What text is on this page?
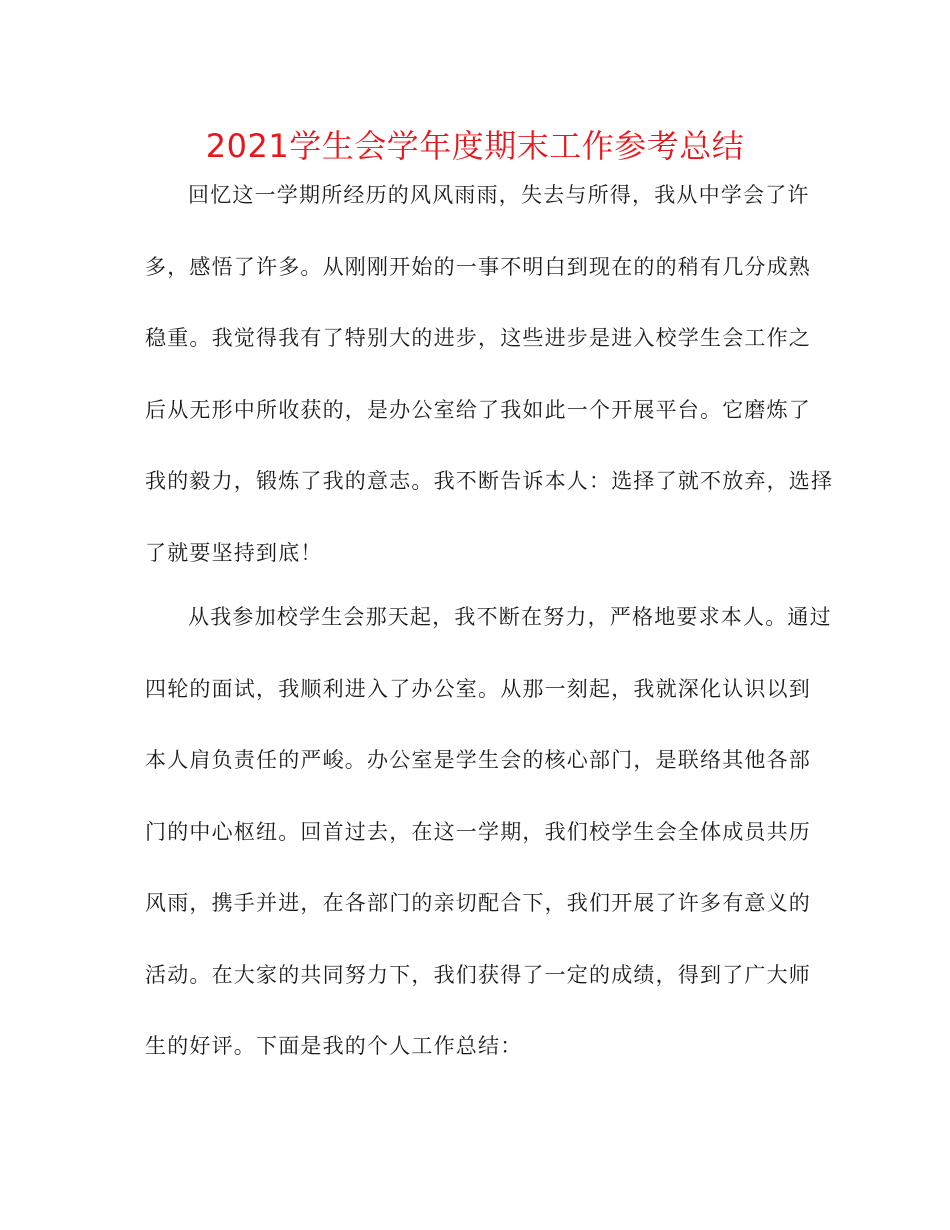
2021学生会学年度期末工作参考总结
回忆这一学期所经历的风风雨雨，失去与所得，我从中学会了许
多，感悟了许多。从刚刚开始的一事不明白到现在的的稍有几分成熟
稳重。我觉得我有了特别大的进步，这些进步是进入校学生会工作之
后从无形中所收获的，是办公室给了我如此一个开展平台。它磨炼了
我的毅力，锻炼了我的意志。我不断告诉本人：选择了就不放弃，选择
了就要坚持到底！
从我参加校学生会那天起，我不断在努力，严格地要求本人。通过
四轮的面试，我顺利进入了办公室。从那一刻起，我就深化认识以到
本人肩负责任的严峻。办公室是学生会的核心部门，是联络其他各部
门的中心枢纽。回首过去，在这一学期，我们校学生会全体成员共历
风雨，携手并进，在各部门的亲切配合下，我们开展了许多有意义的
活动。在大家的共同努力下，我们获得了一定的成绩，得到了广大师
生的好评。下面是我的个人工作总结：
